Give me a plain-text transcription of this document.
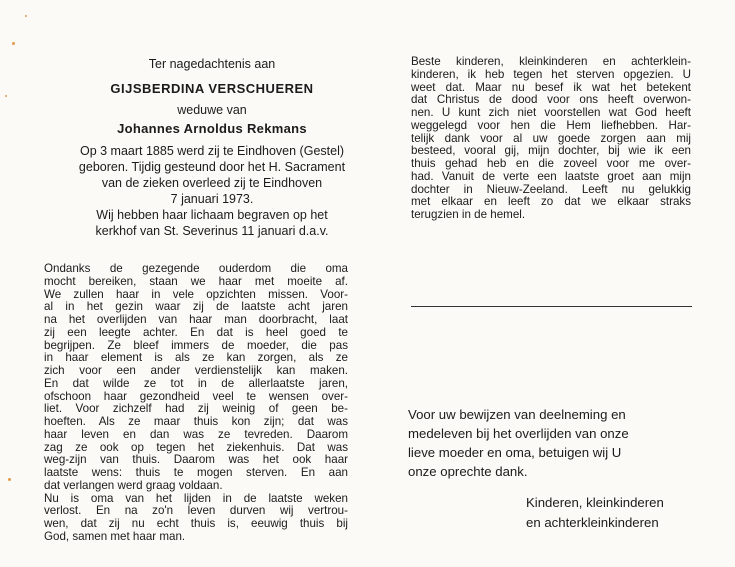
Ter nagedachtenis aan
GIJSBERDINA VERSCHUEREN
weduwe van
Johannes Arnoldus Rekmans
Op 3 maart 1885 werd zij te Eindhoven (Gestel)
geboren. Tijdig gesteund door het H. Sacrament
van de zieken overleed zij te Eindhoven
7 januari 1973.
Wij hebben haar lichaam begraven op het
kerkhof van St. Severinus 11 januari d.a.v.
Ondanks de gezegende ouderdom die oma
mocht bereiken, staan we haar met moeite af.
We zullen haar in vele opzichten missen. Voor-
al in het gezin waar zij de laatste acht jaren
na het overlijden van haar man doorbracht, laat
zij een leegte achter. En dat is heel goed te
begrijpen. Ze bleef immers de moeder, die pas
in haar element is als ze kan zorgen, als ze
zich voor een ander verdienstelijk kan maken.
En dat wilde ze tot in de allerlaatste jaren,
ofschoon haar gezondheid veel te wensen over-
liet. Voor zichzelf had zij weinig of geen be-
hoeften. Als ze maar thuis kon zijn; dat was
haar leven en dan was ze tevreden. Daarom
zag ze ook op tegen het ziekenhuis. Dat was
weg-zijn van thuis. Daarom was het ook haar
laatste wens: thuis te mogen sterven. En aan
dat verlangen werd graag voldaan.
Nu is oma van het lijden in de laatste weken
verlost. En na zo'n leven durven wij vertrou-
wen, dat zij nu echt thuis is, eeuwig thuis bij
God, samen met haar man.
Beste kinderen, kleinkinderen en achterklein-
kinderen, ik heb tegen het sterven opgezien. U
weet dat. Maar nu besef ik wat het betekent
dat Christus de dood voor ons heeft overwon-
nen. U kunt zich niet voorstellen wat God heeft
weggelegd voor hen die Hem liefhebben. Har-
telijk dank voor al uw goede zorgen aan mij
besteed, vooral gij, mijn dochter, bij wie ik een
thuis gehad heb en die zoveel voor me over-
had. Vanuit de verte een laatste groet aan mijn
dochter in Nieuw-Zeeland. Leeft nu gelukkig
met elkaar en leeft zo dat we elkaar straks
terugzien in de hemel.
Voor uw bewijzen van deelneming en
medeleven bij het overlijden van onze
lieve moeder en oma, betuigen wij U
onze oprechte dank.
Kinderen, kleinkinderen
en achterkleinkinderen
